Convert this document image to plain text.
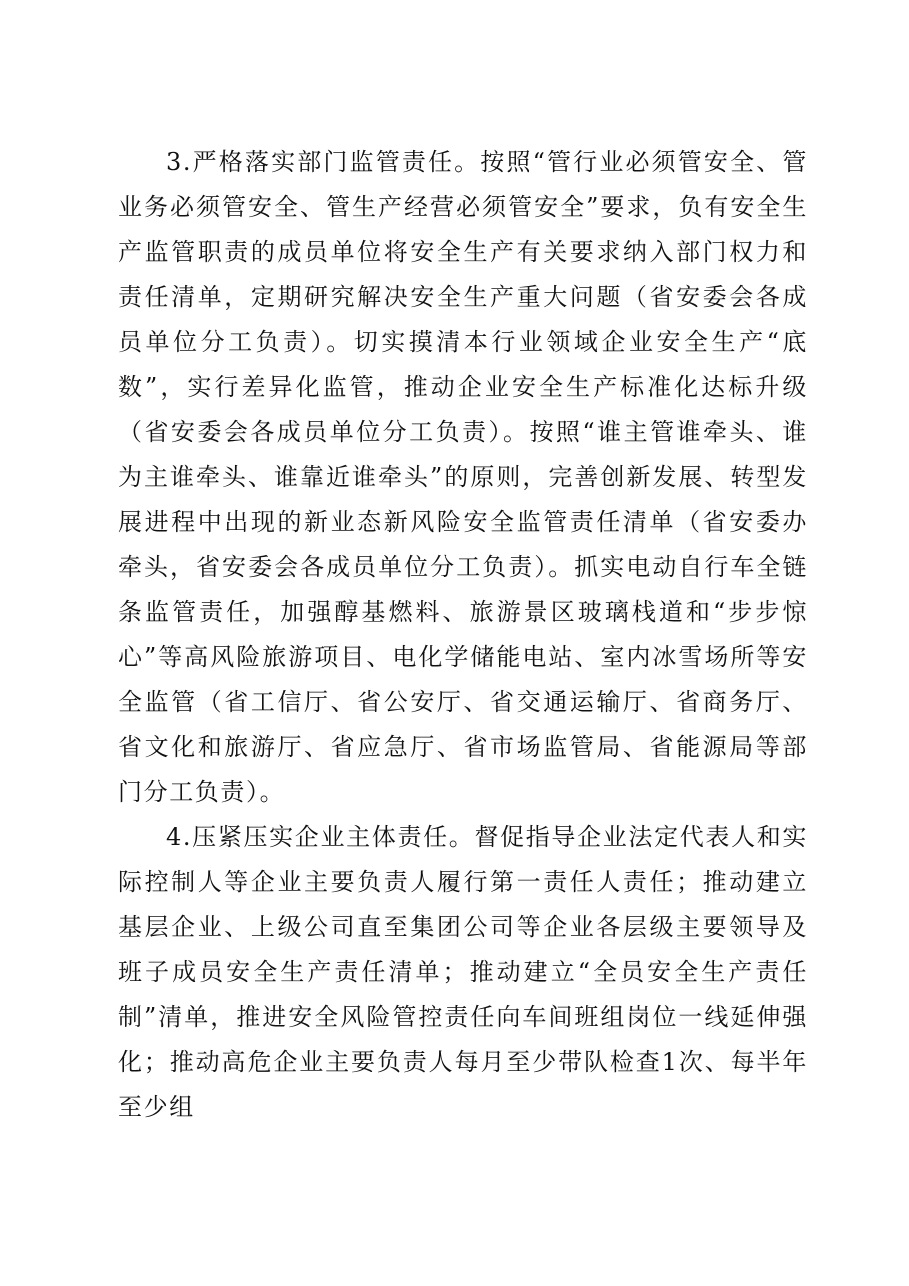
3.严格落实部门监管责任。按照“管行业必须管安全、管业务必须管安全、管生产经营必须管安全”要求，负有安全生产监管职责的成员单位将安全生产有关要求纳入部门权力和责任清单，定期研究解决安全生产重大问题（省安委会各成员单位分工负责）。切实摸清本行业领域企业安全生产“底数”，实行差异化监管，推动企业安全生产标准化达标升级（省安委会各成员单位分工负责）。按照“谁主管谁牵头、谁为主谁牵头、谁靠近谁牵头”的原则，完善创新发展、转型发展进程中出现的新业态新风险安全监管责任清单（省安委办牵头，省安委会各成员单位分工负责）。抓实电动自行车全链条监管责任，加强醇基燃料、旅游景区玻璃栈道和“步步惊心”等高风险旅游项目、电化学储能电站、室内冰雪场所等安全监管（省工信厅、省公安厅、省交通运输厅、省商务厅、省文化和旅游厅、省应急厅、省市场监管局、省能源局等部门分工负责）。

4.压紧压实企业主体责任。督促指导企业法定代表人和实际控制人等企业主要负责人履行第一责任人责任；推动建立基层企业、上级公司直至集团公司等企业各层级主要领导及班子成员安全生产责任清单；推动建立“全员安全生产责任制”清单，推进安全风险管控责任向车间班组岗位一线延伸强化；推动高危企业主要负责人每月至少带队检查1次、每半年至少组
